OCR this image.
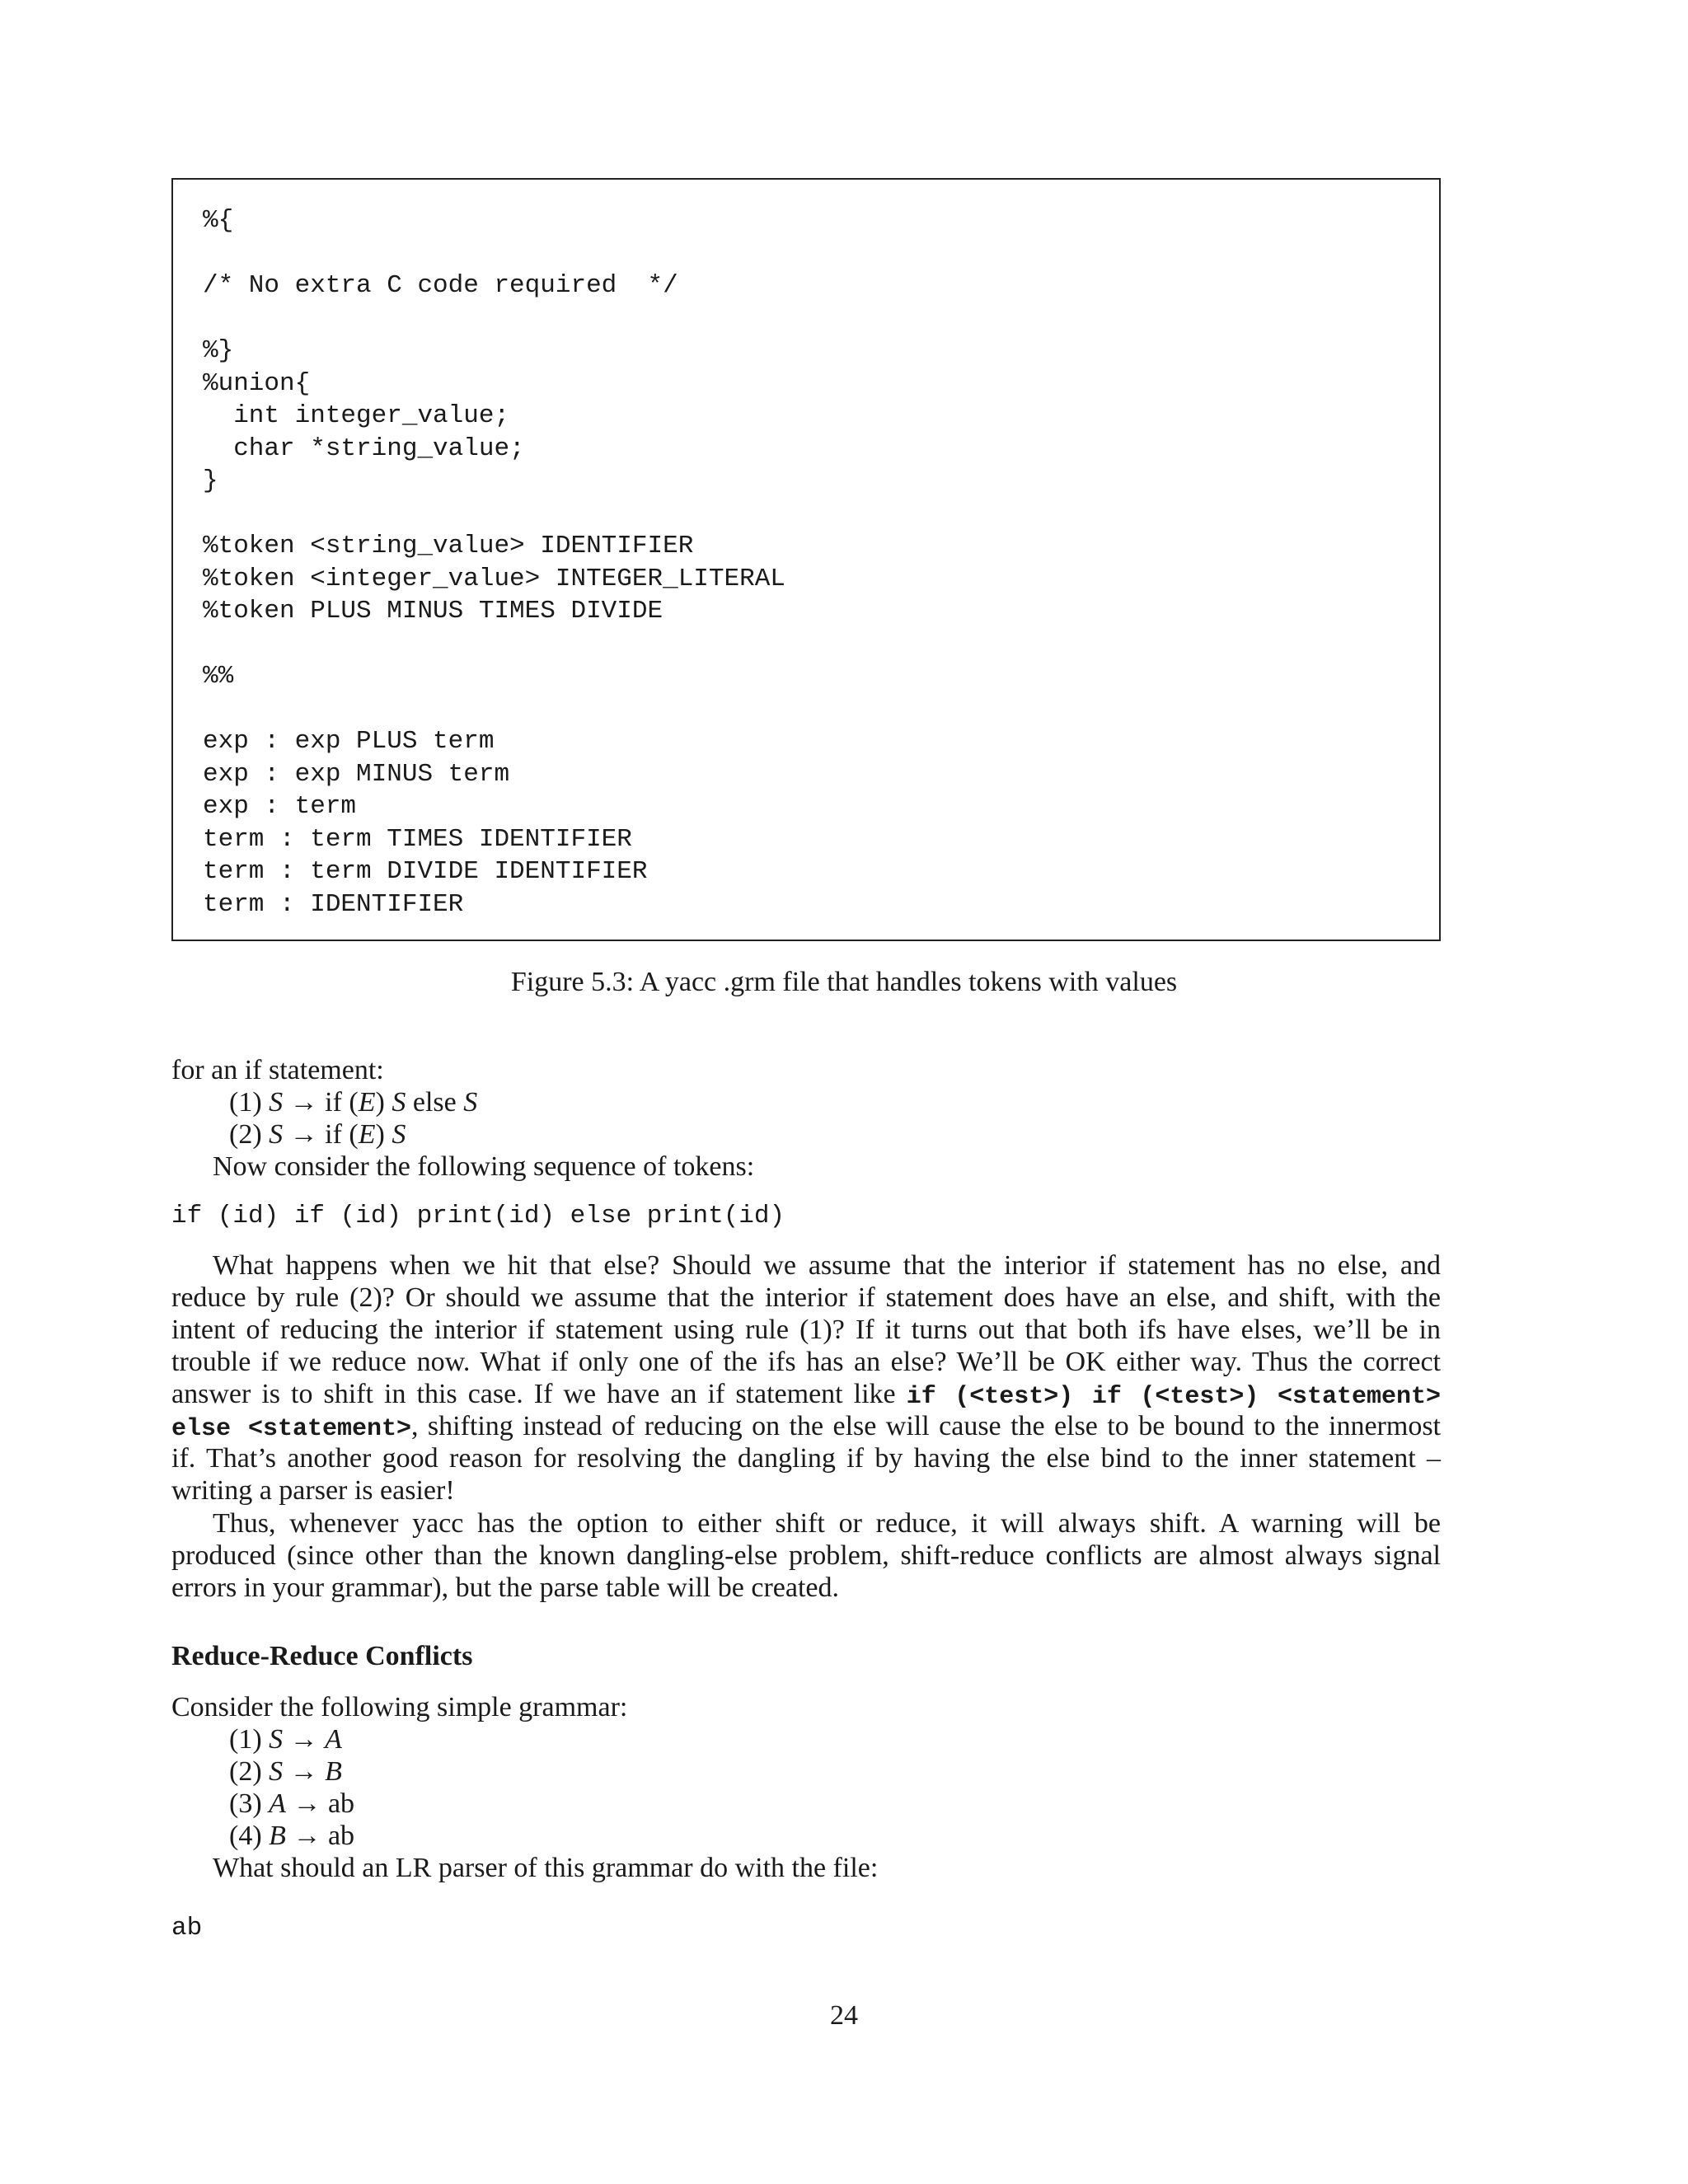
%{
/* No extra C code required  */
%}
%union{
int integer_value;
char *string_value;
}
%token <string_value> IDENTIFIER
%token <integer_value> INTEGER_LITERAL
%token PLUS MINUS TIMES DIVIDE
%%
exp : exp PLUS term
exp : exp MINUS term
exp : term
term : term TIMES IDENTIFIER
term : term DIVIDE IDENTIFIER
term : IDENTIFIER
Figure 5.3: A yacc .grm file that handles tokens with values
for an if statement:
(1) S → if (E) S else S
(2) S → if (E) S
Now consider the following sequence of tokens:
if (id) if (id) print(id) else print(id)
What happens when we hit that else? Should we assume that the interior if statement has no else, and
reduce by rule (2)? Or should we assume that the interior if statement does have an else, and shift, with the
intent of reducing the interior if statement using rule (1)? If it turns out that both ifs have elses, we’ll be in
trouble if we reduce now. What if only one of the ifs has an else? We’ll be OK either way. Thus the correct
answer is to shift in this case. If we have an if statement like if (<test>) if (<test>) <statement>
else <statement>, shifting instead of reducing on the else will cause the else to be bound to the innermost
if. That’s another good reason for resolving the dangling if by having the else bind to the inner statement –
writing a parser is easier!
Thus, whenever yacc has the option to either shift or reduce, it will always shift. A warning will be
produced (since other than the known dangling-else problem, shift-reduce conflicts are almost always signal
errors in your grammar), but the parse table will be created.
Reduce-Reduce Conflicts
Consider the following simple grammar:
(1) S → A
(2) S → B
(3) A → ab
(4) B → ab
What should an LR parser of this grammar do with the file:
ab
24
